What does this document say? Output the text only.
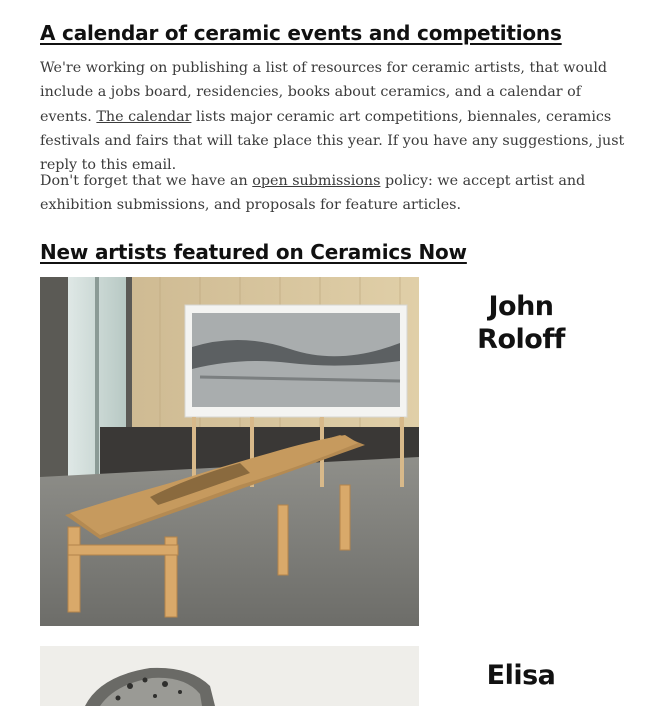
A calendar of ceramic events and competitions

We're working on publishing a list of resources for ceramic artists, that would include a jobs board, residencies, books about ceramics, and a calendar of events. The calendar lists major ceramic art competitions, biennales, ceramics festivals and fairs that will take place this year. If you have any suggestions, just reply to this email.

Don't forget that we have an open submissions policy: we accept artist and exhibition submissions, and proposals for feature articles.

New artists featured on Ceramics Now
John
Roloff
Elisa
